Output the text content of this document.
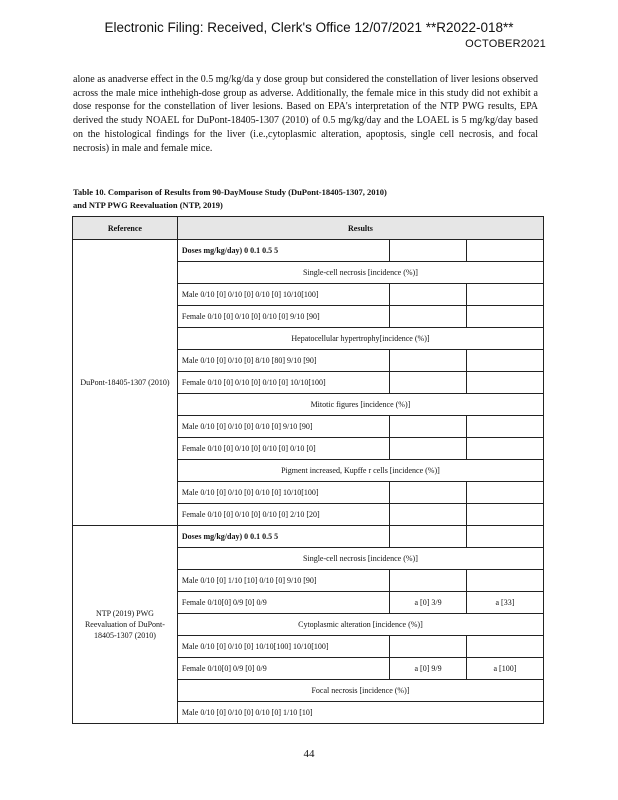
Electronic Filing: Received, Clerk's Office 12/07/2021 **R2022-018**
OCTOBER2021

alone as anadverse effect in the 0.5 mg/kg/da y dose group but considered the constellation of liver lesions observed across the male mice inthehigh-dose group as adverse. Additionally, the female mice in this study did not exhibit a dose response for the constellation of liver lesions. Based on EPA's interpretation of the NTP PWG results, EPA derived the study NOAEL for DuPont-18405-1307 (2010) of 0.5 mg/kg/day and the LOAEL is 5 mg/kg/day based on the histological findings for the liver (i.e.,cytoplasmic alteration, apoptosis, single cell necrosis, and focal necrosis) in male and female mice.

Table 10. Comparison of Results from 90-DayMouse Study (DuPont-18405-1307, 2010)
and NTP PWG Reevaluation (NTP, 2019)
Reference	Results		
DuPont-18405-1307 (2010)	Doses mg/kg/day) 0 0.1 0.5 5		
	Single-cell necrosis [incidence (%)]		
	Male 0/10 [0] 0/10 [0] 0/10 [0] 10/10[100]		
	Female 0/10 [0] 0/10 [0] 0/10 [0] 9/10 [90]		
	Hepatocellular hypertrophy[incidence (%)]		
	Male 0/10 [0] 0/10 [0] 8/10 [80] 9/10 [90]		
	Female 0/10 [0] 0/10 [0] 0/10 [0] 10/10[100]		
	Mitotic figures [incidence (%)]		
	Male 0/10 [0] 0/10 [0] 0/10 [0] 9/10 [90]		
	Female 0/10 [0] 0/10 [0] 0/10 [0] 0/10 [0]		
	Pigment increased, Kupffe r cells [incidence (%)]		
	Male 0/10 [0] 0/10 [0] 0/10 [0] 10/10[100]		
	Female 0/10 [0] 0/10 [0] 0/10 [0] 2/10 [20]		
NTP (2019) PWG Reevaluation of DuPont-18405-1307 (2010)	Doses mg/kg/day) 0 0.1 0.5 5		
	Single-cell necrosis [incidence (%)]		
	Male 0/10 [0] 1/10 [10] 0/10 [0] 9/10 [90]		
	Female 0/10[0] 0/9 [0] 0/9	a [0] 3/9	a [33]
	Cytoplasmic alteration [incidence (%)]		
	Male 0/10 [0] 0/10 [0] 10/10[100] 10/10[100]		
	Female 0/10[0] 0/9 [0] 0/9	a [0] 9/9	a [100]
	Focal necrosis [incidence (%)]		
	Male 0/10 [0] 0/10 [0] 0/10 [0] 1/10 [10]		
44
